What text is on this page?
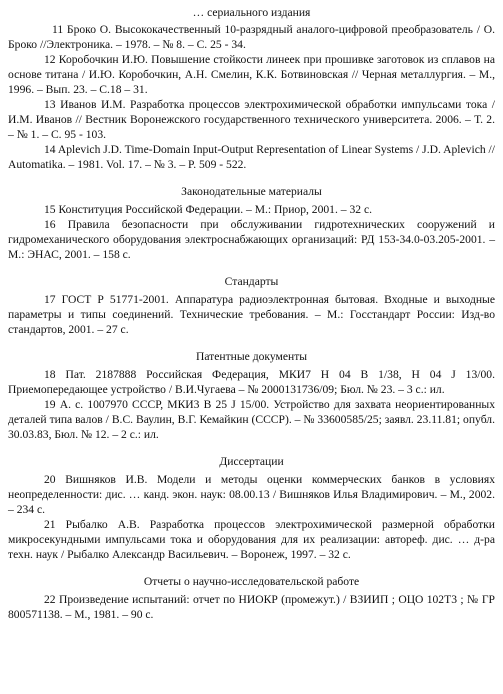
… сериального издания

11 Броко О. Высококачественный 10-разрядный аналого-цифровой преобразователь / О. Броко //Электроника. – 1978. – № 8. – С. 25 - 34.

12 Коробочкин И.Ю. Повышение стойкости линеек при прошивке заготовок из сплавов на основе титана / И.Ю. Коробочкин, А.Н. Смелин, К.К. Ботвиновская // Черная металлургия. – М., 1996. – Вып. 23. – С.18 – 31.

13 Иванов И.М. Разработка процессов электрохимической обработки импульсами тока / И.М. Иванов // Вестник Воронежского государственного технического университета. 2006. – Т. 2. – № 1. – С. 95 - 103.

14 Aplevich J.D. Time-Domain Input-Output Representation of Linear Systems / J.D. Aplevich // Automatika. – 1981. Vol. 17. – № 3. – P. 509 - 522.

Законодательные материалы

15 Конституция Российской Федерации. – М.: Приор, 2001. – 32 с.

16 Правила безопасности при обслуживании гидротехнических сооружений и гидромеханического оборудования электроснабжающих организаций: РД 153-34.0-03.205-2001. – М.: ЭНАС, 2001. – 158 с.

Стандарты

17 ГОСТ Р 51771-2001. Аппаратура радиоэлектронная бытовая. Входные и выходные параметры и типы соединений. Технические требования. – М.: Госстандарт России: Изд-во стандартов, 2001. – 27 с.

Патентные документы

18 Пат. 2187888 Российская Федерация, МКИ7 Н 04 В 1/38, Н 04 J 13/00. Приемопередающее устройство / В.И.Чугаева – № 2000131736/09; Бюл. № 23. – 3 с.: ил.

19 А. с. 1007970 СССР, МКИ3 В 25 J 15/00. Устройство для захвата неориентированных деталей типа валов / В.С. Ваулин, В.Г. Кемайкин (СССР). – № 33600585/25; заявл. 23.11.81; опубл. 30.03.83, Бюл. № 12. – 2 с.: ил.

Диссертации

20 Вишняков И.В. Модели и методы оценки коммерческих банков в условиях неопределенности: дис. … канд. экон. наук: 08.00.13 / Вишняков Илья Владимирович. – М., 2002. – 234 с.

21 Рыбалко А.В. Разработка процессов электрохимической размерной обработки микросекундными импульсами тока и оборудования для их реализации: автореф. дис. … д-ра техн. наук / Рыбалко Александр Васильевич. – Воронеж, 1997. – 32 с.

Отчеты о научно-исследовательской работе

22 Произведение испытаний: отчет по НИОКР (промежут.) / ВЗИИП ; ОЦО 102Т3 ; № ГР 800571138. – М., 1981. – 90 с.
